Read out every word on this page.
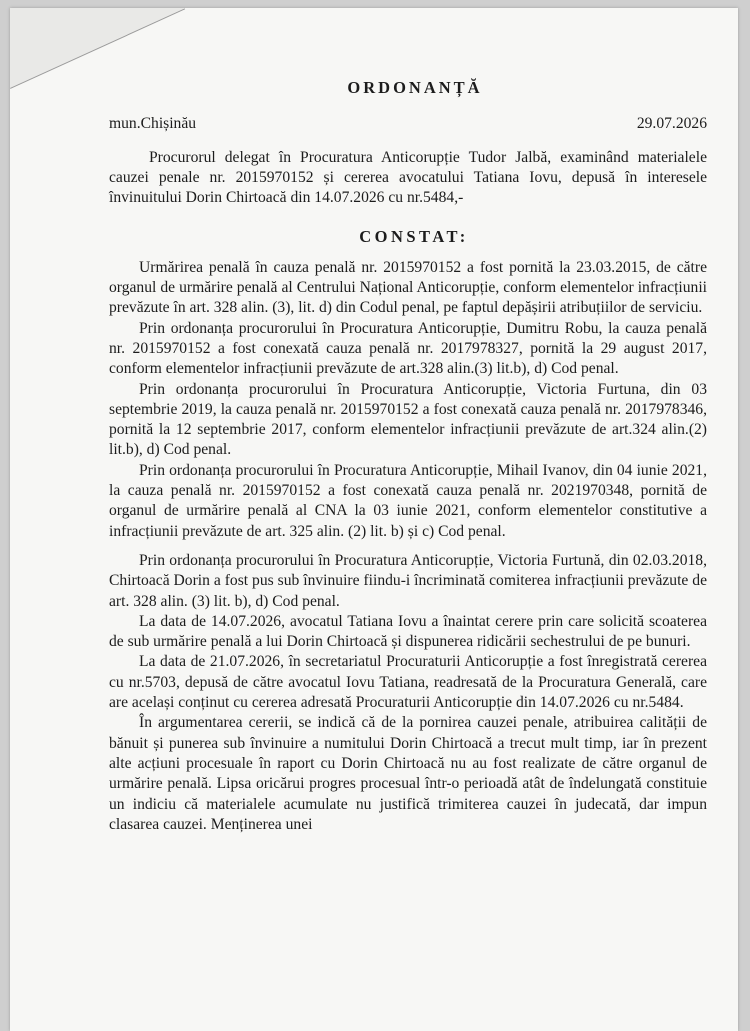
ORDONANȚĂ
mun.Chișinău	29.07.2026

Procurorul delegat în Procuratura Anticorupție Tudor Jalbă, examinând materialele cauzei penale nr. 2015970152 și cererea avocatului Tatiana Iovu, depusă în interesele învinuitului Dorin Chirtoacă din 14.07.2026 cu nr.5484,-

CONSTAT:

Urmărirea penală în cauza penală nr. 2015970152 a fost pornită la 23.03.2015, de către organul de urmărire penală al Centrului Național Anticorupție, conform elementelor infracțiunii prevăzute în art. 328 alin. (3), lit. d) din Codul penal, pe faptul depășirii atribuțiilor de serviciu.

Prin ordonanța procurorului în Procuratura Anticorupție, Dumitru Robu, la cauza penală nr. 2015970152 a fost conexată cauza penală nr. 2017978327, pornită la 29 august 2017, conform elementelor infracțiunii prevăzute de art.328 alin.(3) lit.b), d) Cod penal.

Prin ordonanța procurorului în Procuratura Anticorupție, Victoria Furtuna, din 03 septembrie 2019, la cauza penală nr. 2015970152 a fost conexată cauza penală nr. 2017978346, pornită la 12 septembrie 2017, conform elementelor infracțiunii prevăzute de art.324 alin.(2) lit.b), d) Cod penal.

Prin ordonanța procurorului în Procuratura Anticorupție, Mihail Ivanov, din 04 iunie 2021, la cauza penală nr. 2015970152 a fost conexată cauza penală nr. 2021970348, pornită de organul de urmărire penală al CNA la 03 iunie 2021, conform elementelor constitutive a infracțiunii prevăzute de art. 325 alin. (2) lit. b) și c) Cod penal.

Prin ordonanța procurorului în Procuratura Anticorupție, Victoria Furtună, din 02.03.2018, Chirtoacă Dorin a fost pus sub învinuire fiindu-i încriminată comiterea infracțiunii prevăzute de art. 328 alin. (3) lit. b), d) Cod penal.

La data de 14.07.2026, avocatul Tatiana Iovu a înaintat cerere prin care solicită scoaterea de sub urmărire penală a lui Dorin Chirtoacă și dispunerea ridicării sechestrului de pe bunuri.

La data de 21.07.2026, în secretariatul Procuraturii Anticorupție a fost înregistrată cererea cu nr.5703, depusă de către avocatul Iovu Tatiana, readresată de la Procuratura Generală, care are același conținut cu cererea adresată Procuraturii Anticorupție din 14.07.2026 cu nr.5484.

În argumentarea cererii, se indică că de la pornirea cauzei penale, atribuirea calității de bănuit și punerea sub învinuire a numitului Dorin Chirtoacă a trecut mult timp, iar în prezent alte acțiuni procesuale în raport cu Dorin Chirtoacă nu au fost realizate de către organul de urmărire penală. Lipsa oricărui progres procesual într-o perioadă atât de îndelungată constituie un indiciu că materialele acumulate nu justifică trimiterea cauzei în judecată, dar impun clasarea cauzei. Menținerea unei
